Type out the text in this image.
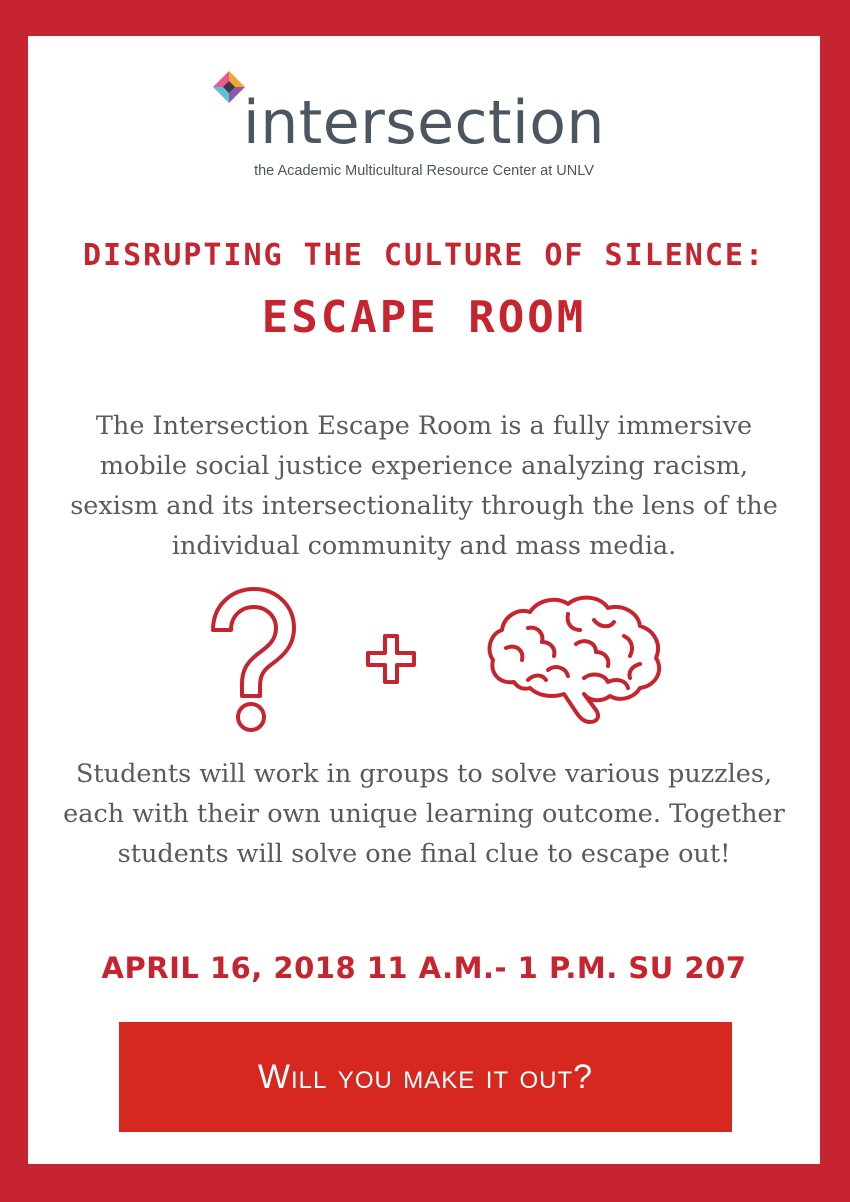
intersection
the Academic Multicultural Resource Center at UNLV
DISRUPTING THE CULTURE OF SILENCE:
ESCAPE ROOM
The Intersection Escape Room is a fully immersive mobile social justice experience analyzing racism, sexism and its intersectionality through the lens of the individual community and mass media.
Students will work in groups to solve various puzzles, each with their own unique learning outcome. Together students will solve one final clue to escape out!
APRIL 16, 2018 11 A.M.- 1 P.M. SU 207
Will you make it out?
